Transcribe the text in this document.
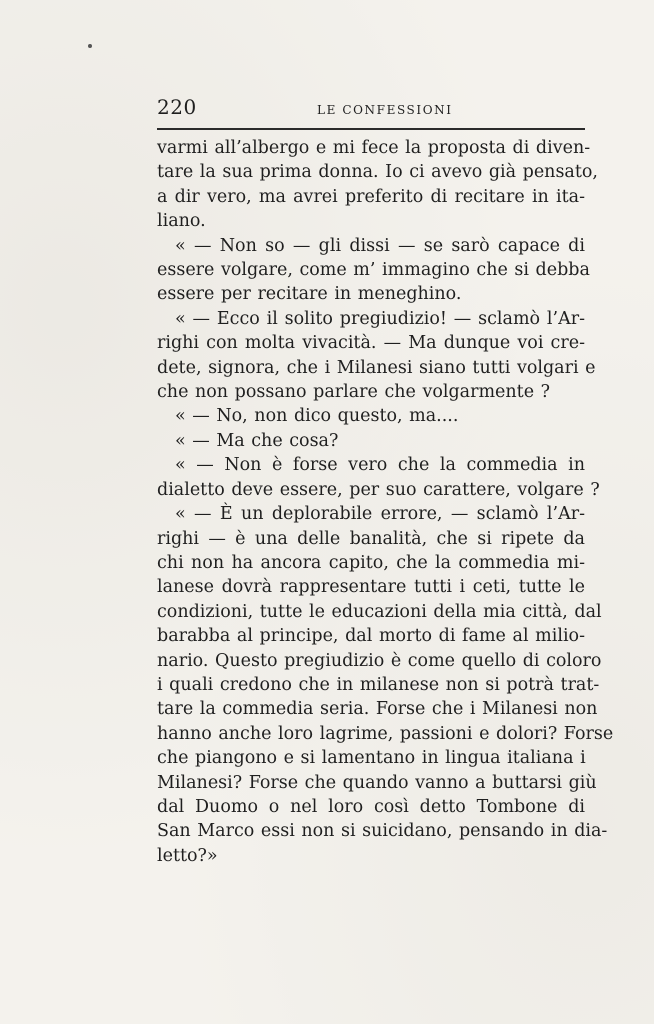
220	LE CONFESSIONI
varmi all’albergo e mi fece la proposta di diven-
tare la sua prima donna. Io ci avevo già pensato,
a dir vero, ma avrei preferito di recitare in ita-
liano.
« — Non so — gli dissi — se sarò capace di
essere volgare, come m’ immagino che si debba
essere per recitare in meneghino.
« — Ecco il solito pregiudizio! — sclamò l’Ar-
righi con molta vivacità. — Ma dunque voi cre-
dete, signora, che i Milanesi siano tutti volgari e
che non possano parlare che volgarmente ?
« — No, non dico questo, ma....
« — Ma che cosa?
« — Non è forse vero che la commedia in
dialetto deve essere, per suo carattere, volgare ?
« — È un deplorabile errore, — sclamò l’Ar-
righi — è una delle banalità, che si ripete da
chi non ha ancora capito, che la commedia mi-
lanese dovrà rappresentare tutti i ceti, tutte le
condizioni, tutte le educazioni della mia città, dal
barabba al principe, dal morto di fame al milio-
nario. Questo pregiudizio è come quello di coloro
i quali credono che in milanese non si potrà trat-
tare la commedia seria. Forse che i Milanesi non
hanno anche loro lagrime, passioni e dolori? Forse
che piangono e si lamentano in lingua italiana i
Milanesi? Forse che quando vanno a buttarsi giù
dal Duomo o nel loro così detto Tombone di
San Marco essi non si suicidano, pensando in dia-
letto?»
